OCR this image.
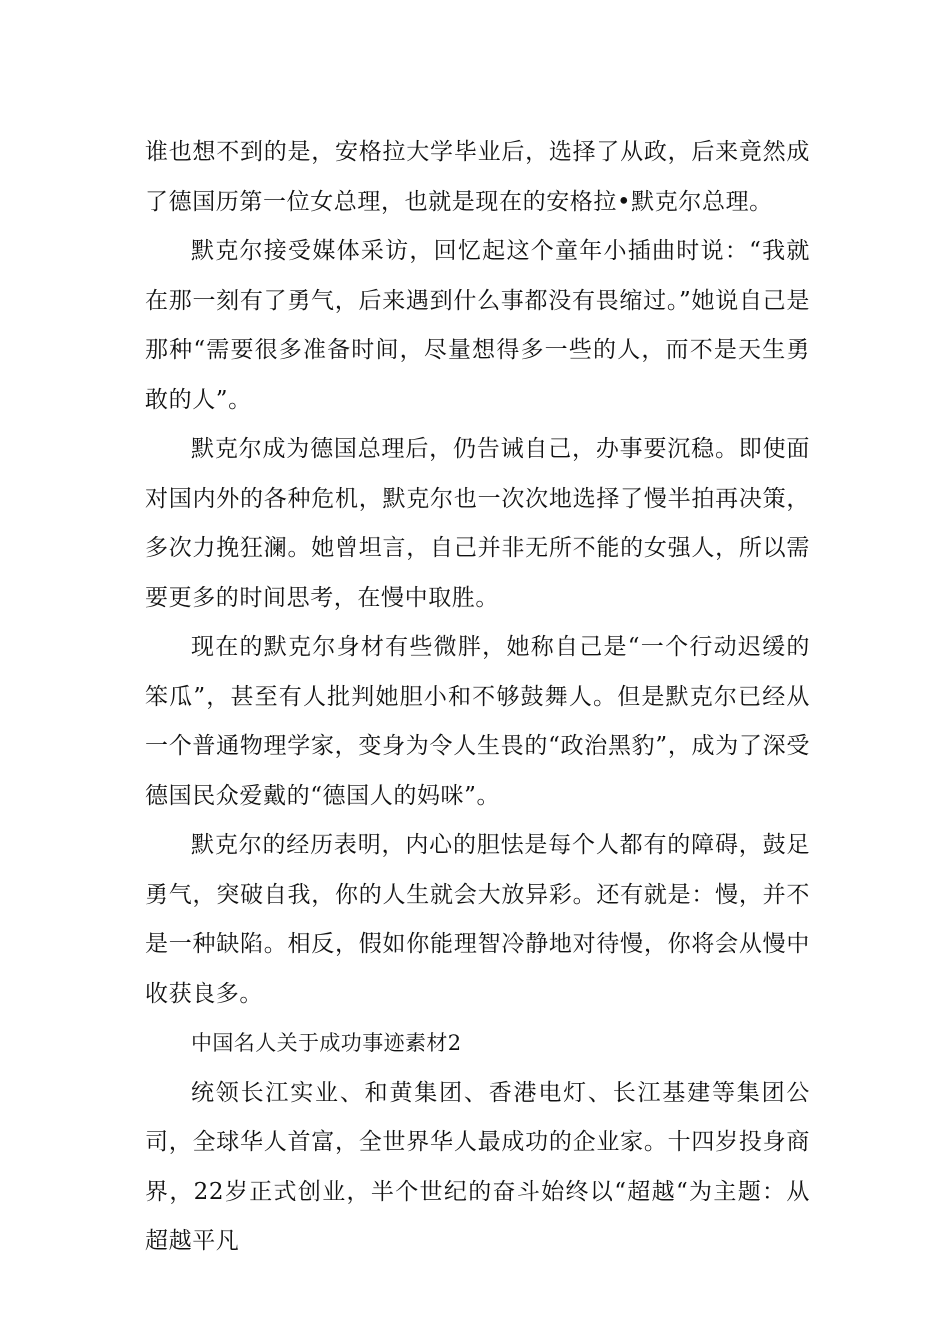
谁也想不到的是，安格拉大学毕业后，选择了从政，后来竟然成了德国历第一位女总理，也就是现在的安格拉•默克尔总理。

默克尔接受媒体采访，回忆起这个童年小插曲时说：“我就在那一刻有了勇气，后来遇到什么事都没有畏缩过。”她说自己是那种“需要很多准备时间，尽量想得多一些的人，而不是天生勇敢的人”。

默克尔成为德国总理后，仍告诫自己，办事要沉稳。即使面对国内外的各种危机，默克尔也一次次地选择了慢半拍再决策，多次力挽狂澜。她曾坦言，自己并非无所不能的女强人，所以需要更多的时间思考，在慢中取胜。

现在的默克尔身材有些微胖，她称自己是“一个行动迟缓的笨瓜”，甚至有人批判她胆小和不够鼓舞人。但是默克尔已经从一个普通物理学家，变身为令人生畏的“政治黑豹”，成为了深受德国民众爱戴的“德国人的妈咪”。

默克尔的经历表明，内心的胆怯是每个人都有的障碍，鼓足勇气，突破自我，你的人生就会大放异彩。还有就是：慢，并不是一种缺陷。相反，假如你能理智冷静地对待慢，你将会从慢中收获良多。

中国名人关于成功事迹素材2

统领长江实业、和黄集团、香港电灯、长江基建等集团公司，全球华人首富，全世界华人最成功的企业家。十四岁投身商界，22岁正式创业，半个世纪的奋斗始终以“超越“为主题：从超越平凡
